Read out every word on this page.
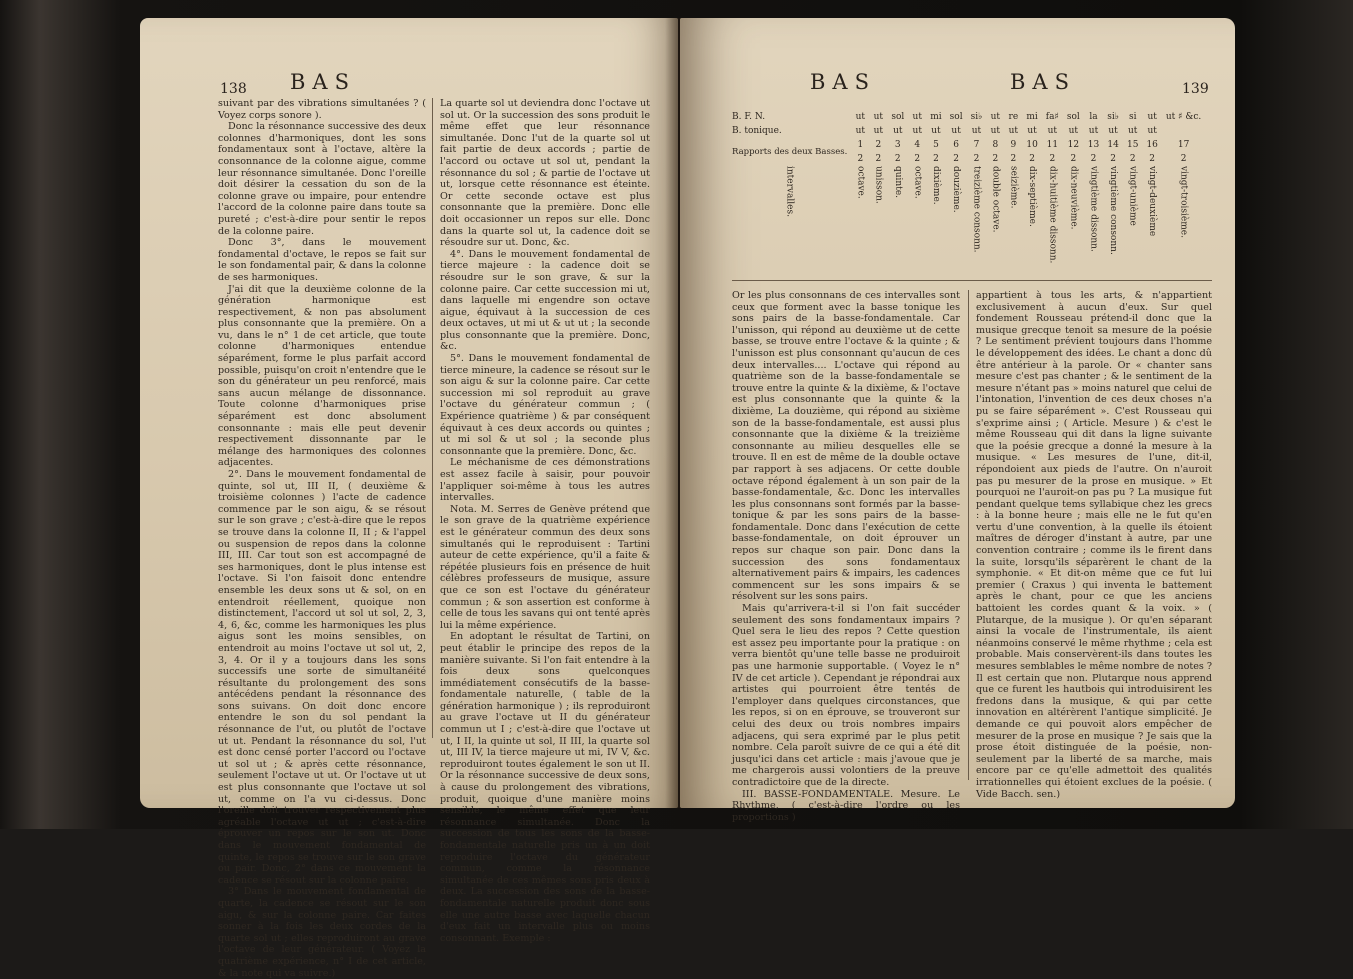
138 BAS

suivant par des vibrations simultanées ? ( Voyez corps sonore ).

Donc la résonnance successive des deux colonnes d'harmoniques, dont les sons fondamentaux sont à l'octave, altère la consonnance de la colonne aigue, comme leur résonnance simultanée. Donc l'oreille doit désirer la cessation du son de la colonne grave ou impaire, pour entendre l'accord de la colonne paire dans toute sa pureté ; c'est-à-dire pour sentir le repos de la colonne paire.

Donc 3°, dans le mouvement fondamental d'octave, le repos se fait sur le son fondamental pair, & dans la colonne de ses harmoniques.

J'ai dit que la deuxième colonne de la génération harmonique est respectivement, & non pas absolument plus consonnante que la première. On a vu, dans le n° 1 de cet article, que toute colonne d'harmoniques entendue séparément, forme le plus parfait accord possible, puisqu'on croit n'entendre que le son du générateur un peu renforcé, mais sans aucun mélange de dissonnance. Toute colonne d'harmoniques prise séparément est donc absolument consonnante : mais elle peut devenir respectivement dissonnante par le mélange des harmoniques des colonnes adjacentes.

2°. Dans le mouvement fondamental de quinte, sol ut, III II, ( deuxième & troisième colonnes ) l'acte de cadence commence par le son aigu, & se résout sur le son grave ; c'est-à-dire que le repos se trouve dans la colonne II, II ; & l'appel ou suspension de repos dans la colonne III, III. Car tout son est accompagné de ses harmoniques, dont le plus intense est l'octave. Si l'on faisoit donc entendre ensemble les deux sons ut & sol, on en entendroit réellement, quoique non distinctement, l'accord ut sol ut sol, 2, 3, 4, 6, &c, comme les harmoniques les plus aigus sont les moins sensibles, on entendroit au moins l'octave ut sol ut, 2, 3, 4. Or il y a toujours dans les sons successifs une sorte de simultanéité résultante du prolongement des sons antécédens pendant la résonnance des sons suivans. On doit donc encore entendre le son du sol pendant la résonnance de l'ut, ou plutôt de l'octave ut ut. Pendant la résonnance du sol, l'ut est donc censé porter l'accord ou l'octave ut sol ut ; & après cette résonnance, seulement l'octave ut ut. Or l'octave ut ut est plus consonnante que l'octave ut sol ut, comme on l'a vu ci-dessus. Donc l'oreille doit trouver respectivement plus agréable l'octave ut ut ; c'est-à-dire éprouver un repos sur le son ut. Donc dans le mouvement fondamental de quinte, le repos se trouve sur le son grave ou pair. Donc, 2° dans ce mouvement la cadence se résout sur la colonne paire.

3° Dans le mouvement fondamental de quarte, la cadence se résout sur le son aigu, & sur la colonne paire. Car faites sonner à la fois les deux cordes de la quarte sol ut ; elles reproduiront au grave l'octave de leur générateur. ( Voyez la quatrième expérience, n° I de cet article, & la note qui va suivre.)

La quarte sol ut deviendra donc l'octave ut sol ut. Or la succession des sons produit le même effet que leur résonnance simultanée. Donc l'ut de la quarte sol ut fait partie de deux accords ; partie de l'accord ou octave ut sol ut, pendant la résonnance du sol ; & partie de l'octave ut ut, lorsque cette résonnance est éteinte. Or cette seconde octave est plus consonnante que la première. Donc elle doit occasionner un repos sur elle. Donc dans la quarte sol ut, la cadence doit se résoudre sur ut. Donc, &c.

4°. Dans le mouvement fondamental de tierce majeure : la cadence doit se résoudre sur le son grave, & sur la colonne paire. Car cette succession mi ut, dans laquelle mi engendre son octave aigue, équivaut à la succession de ces deux octaves, ut mi ut & ut ut ; la seconde plus consonnante que la première. Donc, &c.

5°. Dans le mouvement fondamental de tierce mineure, la cadence se résout sur le son aigu & sur la colonne paire. Car cette succession mi sol reproduit au grave l'octave du générateur commun ; ( Expérience quatrième ) & par conséquent équivaut à ces deux accords ou quintes ; ut mi sol & ut sol ; la seconde plus consonnante que la première. Donc, &c.

Le méchanisme de ces démonstrations est assez facile à saisir, pour pouvoir l'appliquer soi-même à tous les autres intervalles.

Nota. M. Serres de Genève prétend que le son grave de la quatrième expérience est le générateur commun des deux sons simultanés qui le reproduisent : Tartini auteur de cette expérience, qu'il a faite & répétée plusieurs fois en présence de huit célèbres professeurs de musique, assure que ce son est l'octave du générateur commun ; & son assertion est conforme à celle de tous les savans qui ont tenté après lui la même expérience.

En adoptant le résultat de Tartini, on peut établir le principe des repos de la manière suivante. Si l'on fait entendre à la fois deux sons quelconques immédiatement consécutifs de la basse-fondamentale naturelle, ( table de la génération harmonique ) ; ils reproduiront au grave l'octave ut II du générateur commun ut I ; c'est-à-dire que l'octave ut ut, I II, la quinte ut sol, II III, la quarte sol ut, III IV, la tierce majeure ut mi, IV V, &c. reproduiront toutes également le son ut II. Or la résonnance successive de deux sons, à cause du prolongement des vibrations, produit, quoique d'une manière moins sensible, le même effet que leur résonnance simultanée. Donc la succession de tous les sons de la basse-fondamentale naturelle pris un à un doit reproduire l'octave du générateur commun, comme la résonnance simultanée de ces mêmes sons pris deux à deux. La succession des sons de la basse-fondamentale naturelle produit donc sous elle une autre basse avec laquelle chacun d'eux fait un intervalle plus ou moins consonnant. Exemple :

BAS	BAS	139
B. F. N.	ut	ut	sol	ut	mi	sol	si♭	ut	re	mi	fa♯	sol	la	si♭	si	ut	ut ♯ &c.
B. tonique.	ut	ut	ut	ut	ut	ut	ut	ut	ut	ut	ut	ut	ut	ut	ut	ut	
Rapports des deux Basses.	1	2	3	4	5	6	7	8	9	10	11	12	13	14	15	16	17
	2	2	2	2	2	2	2	2	2	2	2	2	2	2	2	2	2
intervalles.	octave.	unisson.	quinte.	octave.	dixième.	douzième.	treizième consonn.	double octave.	seizième.	dix-septième.	dix-huitième dissonn.	dix-neuvième.	vingtième dissonn.	vingtième consonn.	vingt-unième	vingt-deuxième	vingt-troisième.

Or les plus consonnans de ces intervalles sont ceux que forment avec la basse tonique les sons pairs de la basse-fondamentale. Car l'unisson, qui répond au deuxième ut de cette basse, se trouve entre l'octave & la quinte ; & l'unisson est plus consonnant qu'aucun de ces deux intervalles.... L'octave qui répond au quatrième son de la basse-fondamentale se trouve entre la quinte & la dixième, & l'octave est plus consonnante que la quinte & la dixième, La douzième, qui répond au sixième son de la basse-fondamentale, est aussi plus consonnante que la dixième & la treizième consonnante au milieu desquelles elle se trouve. Il en est de même de la double octave par rapport à ses adjacens. Or cette double octave répond également à un son pair de la basse-fondamentale, &c. Donc les intervalles les plus consonnans sont formés par la basse-tonique & par les sons pairs de la basse-fondamentale. Donc dans l'exécution de cette basse-fondamentale, on doit éprouver un repos sur chaque son pair. Donc dans la succession des sons fondamentaux alternativement pairs & impairs, les cadences commencent sur les sons impairs & se résolvent sur les sons pairs.

Mais qu'arrivera-t-il si l'on fait succéder seulement des sons fondamentaux impairs ? Quel sera le lieu des repos ? Cette question est assez peu importante pour la pratique : on verra bientôt qu'une telle basse ne produiroit pas une harmonie supportable. ( Voyez le n° IV de cet article ). Cependant je répondrai aux artistes qui pourroient être tentés de l'employer dans quelques circonstances, que les repos, si on en éprouve, se trouveront sur celui des deux ou trois nombres impairs adjacens, qui sera exprimé par le plus petit nombre. Cela paroît suivre de ce qui a été dit jusqu'ici dans cet article : mais j'avoue que je me chargerois aussi volontiers de la preuve contradictoire que de la directe.

III. BASSE-FONDAMENTALE. Mesure. Le Rhythme, ( c'est-à-dire l'ordre ou les proportions )

appartient à tous les arts, & n'appartient exclusivement à aucun d'eux. Sur quel fondement Rousseau prétend-il donc que la musique grecque tenoit sa mesure de la poésie ? Le sentiment prévient toujours dans l'homme le développement des idées. Le chant a donc dû être antérieur à la parole. Or « chanter sans mesure c'est pas chanter ; & le sentiment de la mesure n'étant pas » moins naturel que celui de l'intonation, l'invention de ces deux choses n'a pu se faire séparément ». C'est Rousseau qui s'exprime ainsi ; ( Article. Mesure ) & c'est le même Rousseau qui dit dans la ligne suivante que la poésie grecque a donné la mesure à la musique. « Les mesures de l'une, dit-il, répondoient aux pieds de l'autre. On n'auroit pas pu mesurer de la prose en musique. » Et pourquoi ne l'auroit-on pas pu ? La musique fut pendant quelque tems syllabique chez les grecs : à la bonne heure ; mais elle ne le fut qu'en vertu d'une convention, à la quelle ils étoient maîtres de déroger d'instant à autre, par une convention contraire ; comme ils le firent dans la suite, lorsqu'ils séparèrent le chant de la symphonie. « Et dit-on même que ce fut lui premier ( Craxus ) qui inventa le battement après le chant, pour ce que les anciens battoient les cordes quant & la voix. » ( Plutarque, de la musique ). Or qu'en séparant ainsi la vocale de l'instrumentale, ils aient néanmoins conservé le même rhythme ; cela est probable. Mais conservèrent-ils dans toutes les mesures semblables le même nombre de notes ? Il est certain que non. Plutarque nous apprend que ce furent les hautbois qui introduisirent les fredons dans la musique, & qui par cette innovation en altérèrent l'antique simplicité. Je demande ce qui pouvoit alors empêcher de mesurer de la prose en musique ? Je sais que la prose étoit distinguée de la poésie, non-seulement par la liberté de sa marche, mais encore par ce qu'elle admettoit des qualités irrationnelles qui étoient exclues de la poésie. ( Vide Bacch. sen.)
